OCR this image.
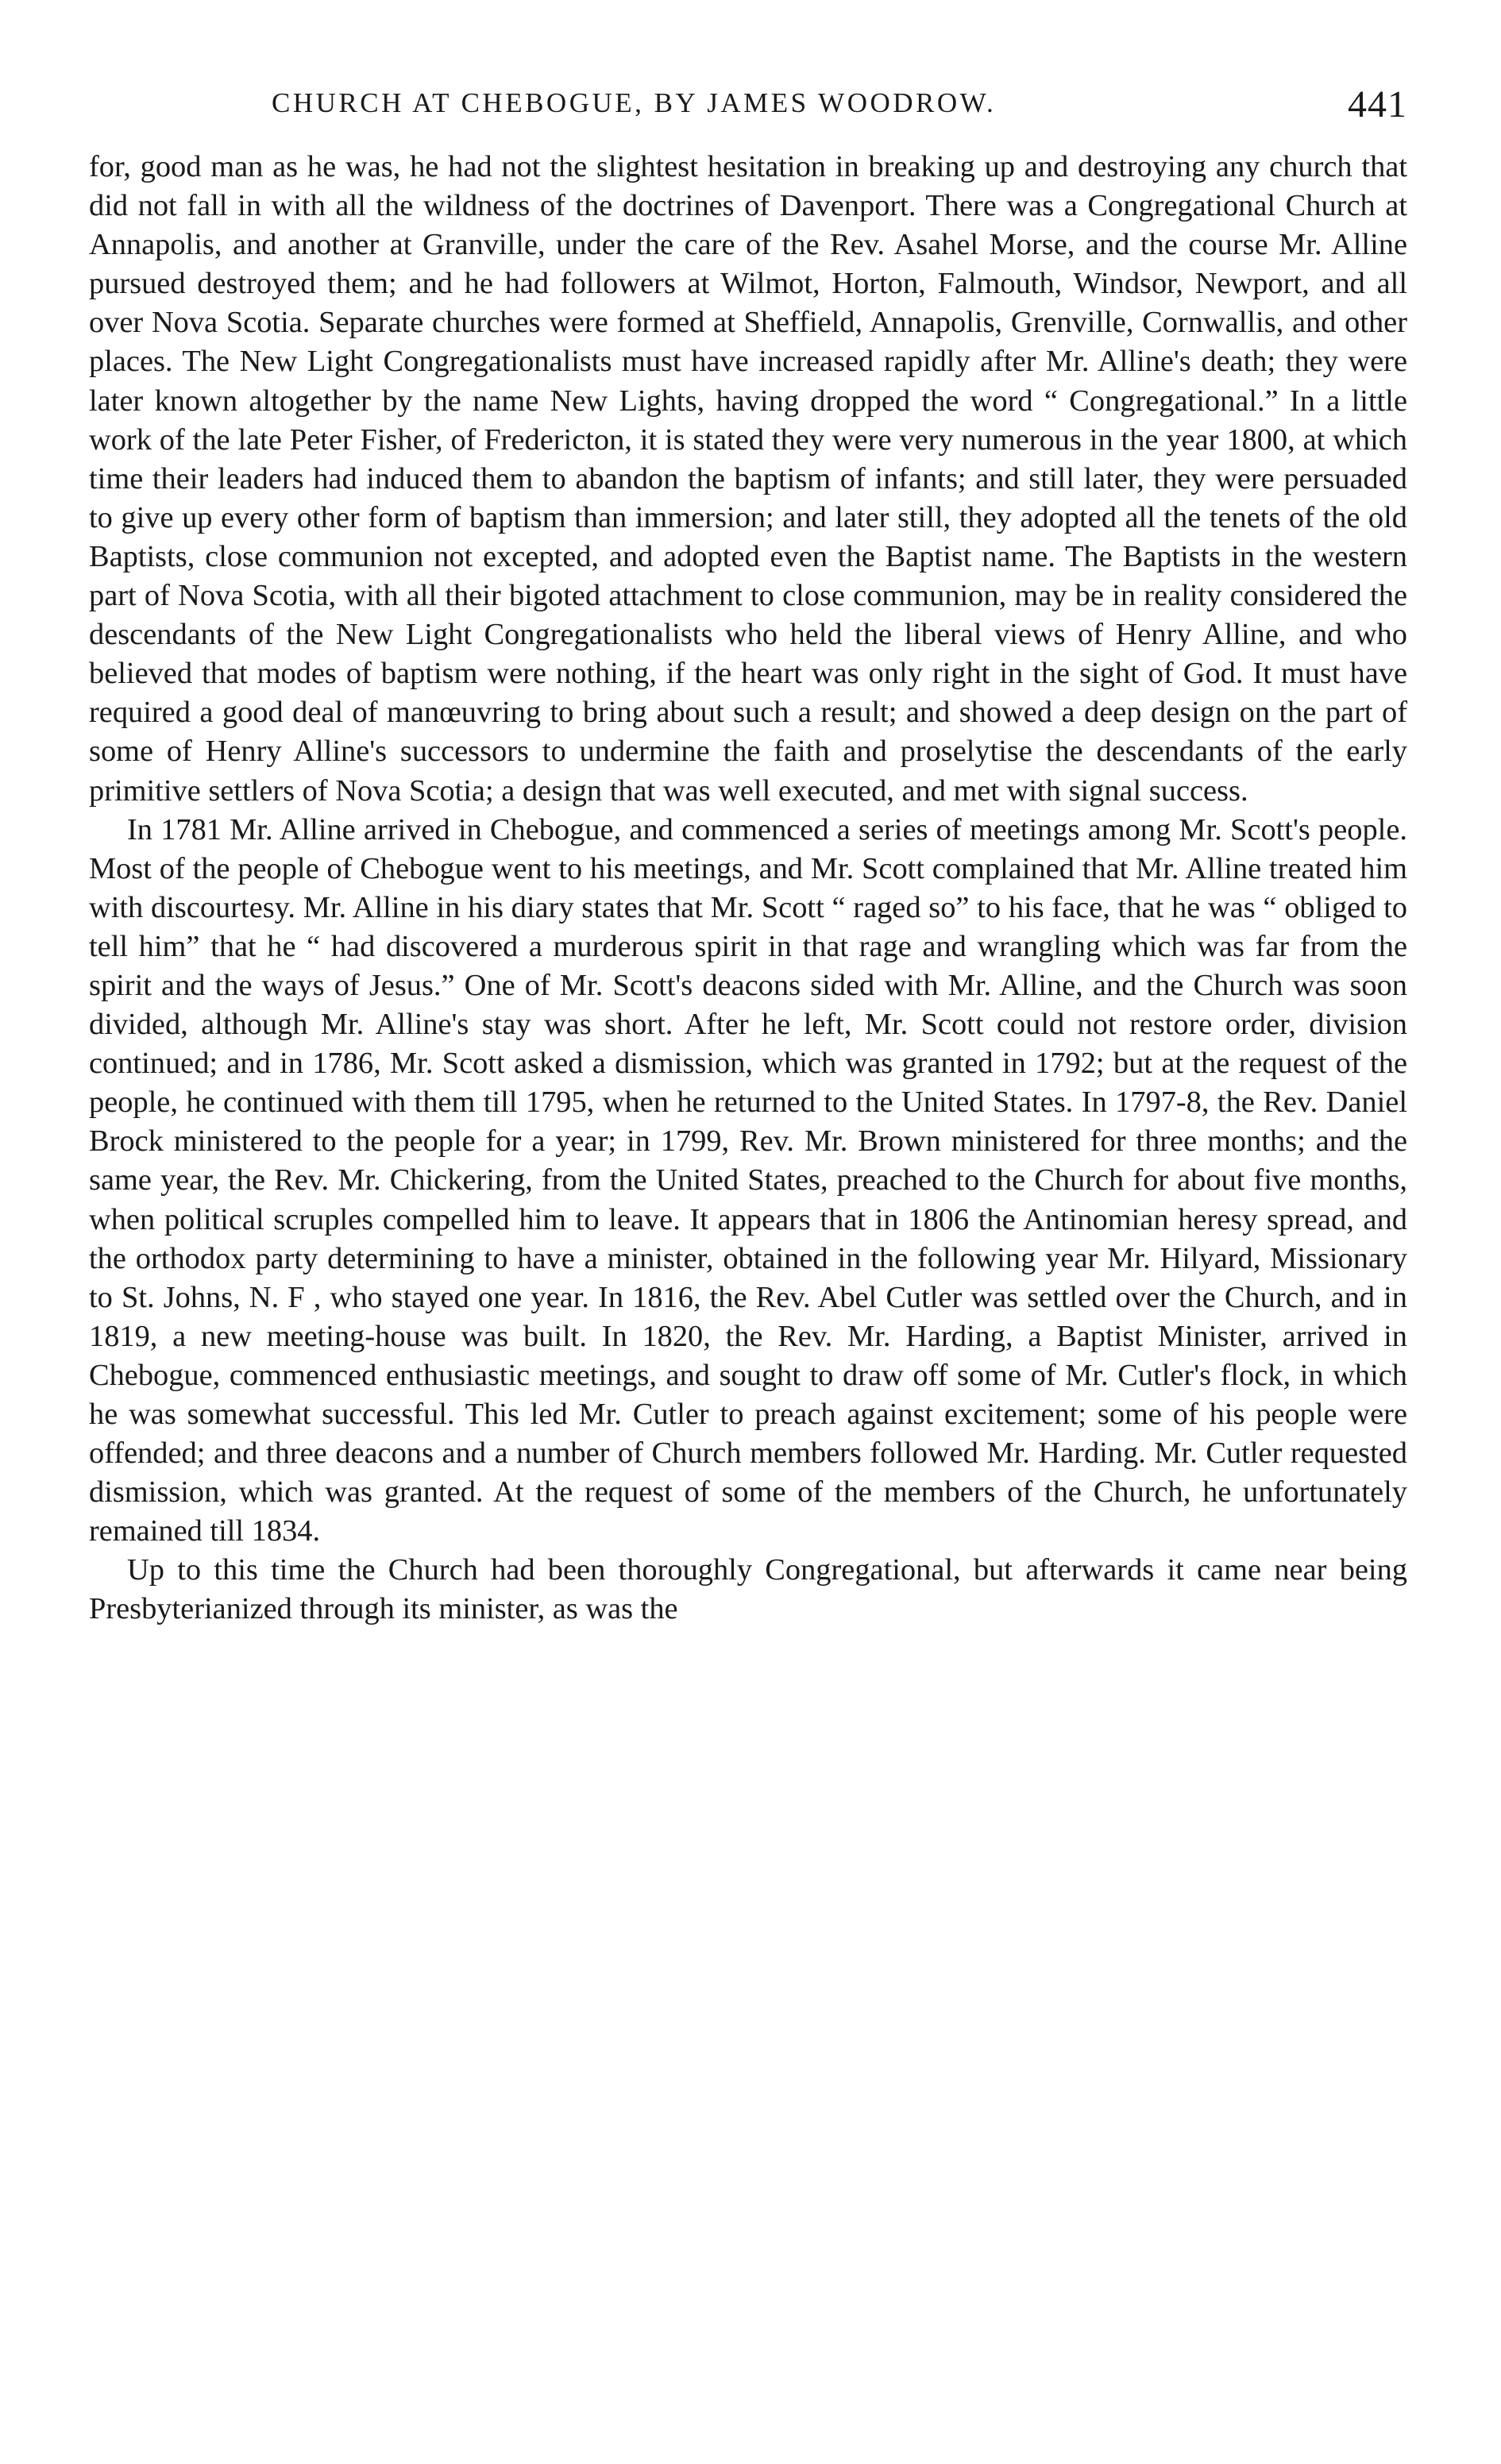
CHURCH AT CHEBOGUE, BY JAMES WOODROW.	441

for, good man as he was, he had not the slightest hesitation in breaking up and destroying any church that did not fall in with all the wildness of the doctrines of Davenport. There was a Congregational Church at Annapolis, and another at Granville, under the care of the Rev. Asahel Morse, and the course Mr. Alline pursued destroyed them; and he had followers at Wilmot, Horton, Falmouth, Windsor, Newport, and all over Nova Scotia. Separate churches were formed at Sheffield, Annapolis, Grenville, Cornwallis, and other places. The New Light Congregationalists must have increased rapidly after Mr. Alline's death; they were later known altogether by the name New Lights, having dropped the word “ Congregational.” In a little work of the late Peter Fisher, of Fredericton, it is stated they were very numerous in the year 1800, at which time their leaders had induced them to abandon the baptism of infants; and still later, they were persuaded to give up every other form of baptism than immersion; and later still, they adopted all the tenets of the old Baptists, close communion not excepted, and adopted even the Baptist name. The Baptists in the western part of Nova Scotia, with all their bigoted attachment to close communion, may be in reality considered the descendants of the New Light Congregationalists who held the liberal views of Henry Alline, and who believed that modes of baptism were nothing, if the heart was only right in the sight of God. It must have required a good deal of manœuvring to bring about such a result; and showed a deep design on the part of some of Henry Alline's successors to undermine the faith and proselytise the descendants of the early primitive settlers of Nova Scotia; a design that was well executed, and met with signal success.

In 1781 Mr. Alline arrived in Chebogue, and commenced a series of meetings among Mr. Scott's people. Most of the people of Chebogue went to his meetings, and Mr. Scott complained that Mr. Alline treated him with discourtesy. Mr. Alline in his diary states that Mr. Scott “ raged so” to his face, that he was “ obliged to tell him” that he “ had discovered a murderous spirit in that rage and wrangling which was far from the spirit and the ways of Jesus.” One of Mr. Scott's deacons sided with Mr. Alline, and the Church was soon divided, although Mr. Alline's stay was short. After he left, Mr. Scott could not restore order, division continued; and in 1786, Mr. Scott asked a dismission, which was granted in 1792; but at the request of the people, he continued with them till 1795, when he returned to the United States. In 1797-8, the Rev. Daniel Brock ministered to the people for a year; in 1799, Rev. Mr. Brown ministered for three months; and the same year, the Rev. Mr. Chickering, from the United States, preached to the Church for about five months, when political scruples compelled him to leave. It appears that in 1806 the Antinomian heresy spread, and the orthodox party determining to have a minister, obtained in the following year Mr. Hilyard, Missionary to St. Johns, N. F , who stayed one year. In 1816, the Rev. Abel Cutler was settled over the Church, and in 1819, a new meeting-house was built. In 1820, the Rev. Mr. Harding, a Baptist Minister, arrived in Chebogue, commenced enthusiastic meetings, and sought to draw off some of Mr. Cutler's flock, in which he was somewhat successful. This led Mr. Cutler to preach against excitement; some of his people were offended; and three deacons and a number of Church members followed Mr. Harding. Mr. Cutler requested dismission, which was granted. At the request of some of the members of the Church, he unfortunately remained till 1834.

Up to this time the Church had been thoroughly Congregational, but afterwards it came near being Presbyterianized through its minister, as was the
